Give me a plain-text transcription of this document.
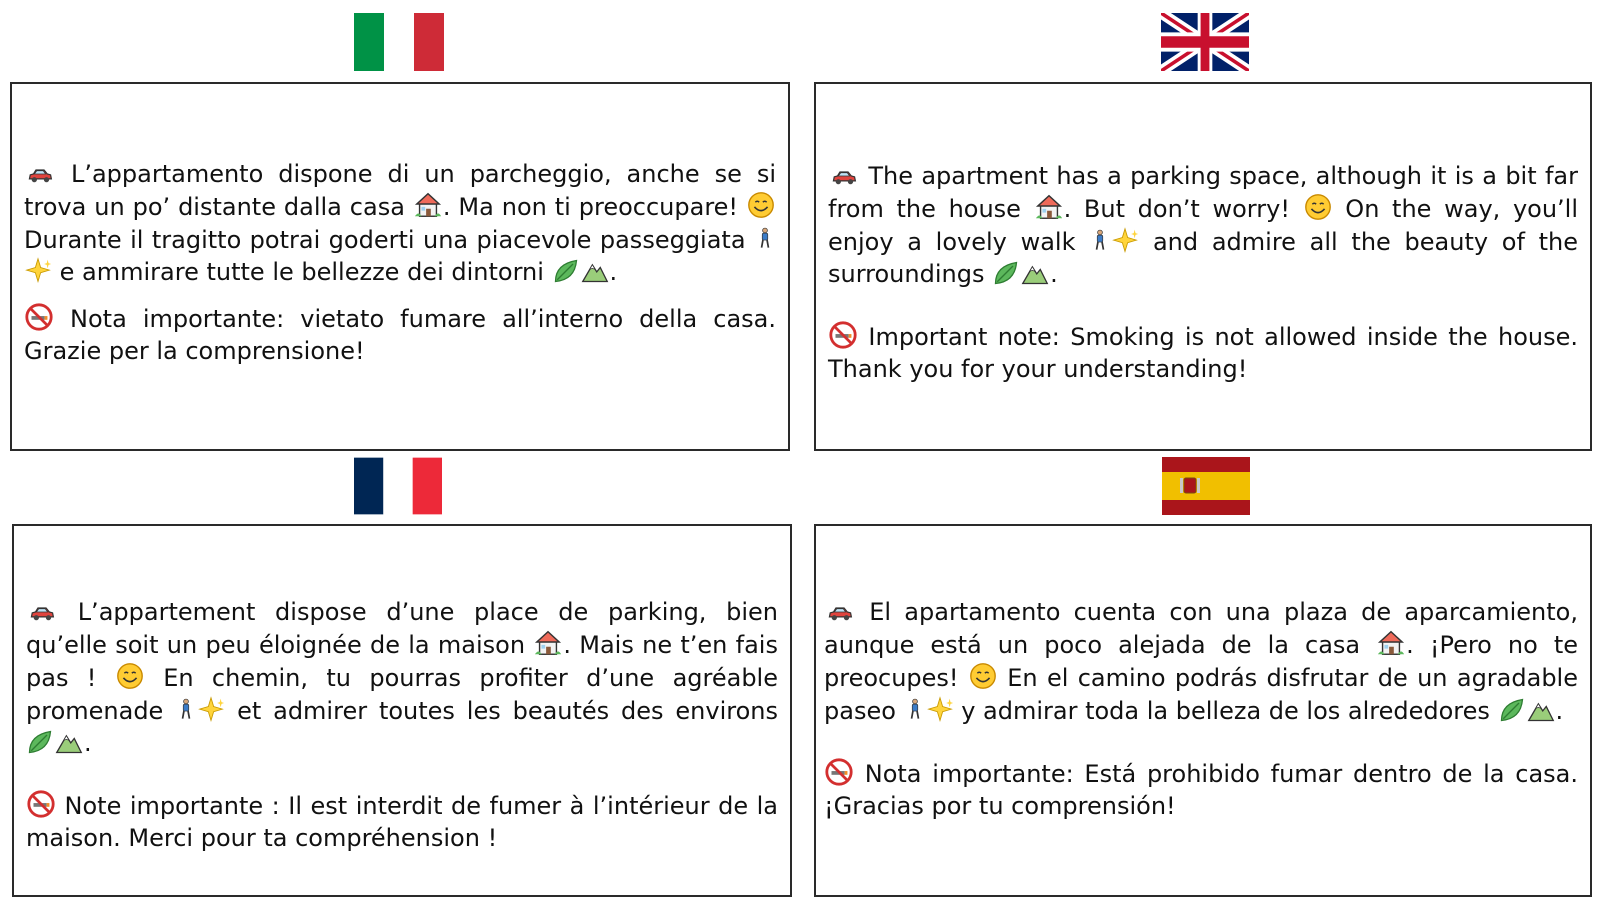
L’appartamento dispone di un parcheggio, anche se si trova un po’ distante dalla casa . Ma non ti preoccupare!
Durante il tragitto potrai goderti una piacevole passeggiata
e ammirare tutte le bellezze dei dintorni	.

Nota importante: vietato fumare all’interno della casa. Grazie per la comprensione!

The apartment has a parking space, although it is a bit far from the house . But don’t worry! On the way, you’ll enjoy a lovely walk	and admire all the beauty of the surroundings	.

Important note: Smoking is not allowed inside the house. Thank you for your understanding!

L’appartement dispose d’une place de parking, bien qu’elle soit un peu éloignée de la maison . Mais ne t’en fais pas !	En chemin, tu pourras profiter d’une agréable promenade	et admirer toutes les beautés des environs
.

Note importante : Il est interdit de fumer à l’intérieur de la maison. Merci pour ta compréhension !

El apartamento cuenta con una plaza de aparcamiento, aunque está un poco alejada de la casa . ¡Pero no te preocupes! En el camino podrás disfrutar de un agradable paseo	y admirar toda la belleza de los alrededores	.

Nota importante: Está prohibido fumar dentro de la casa. ¡Gracias por tu comprensión!
